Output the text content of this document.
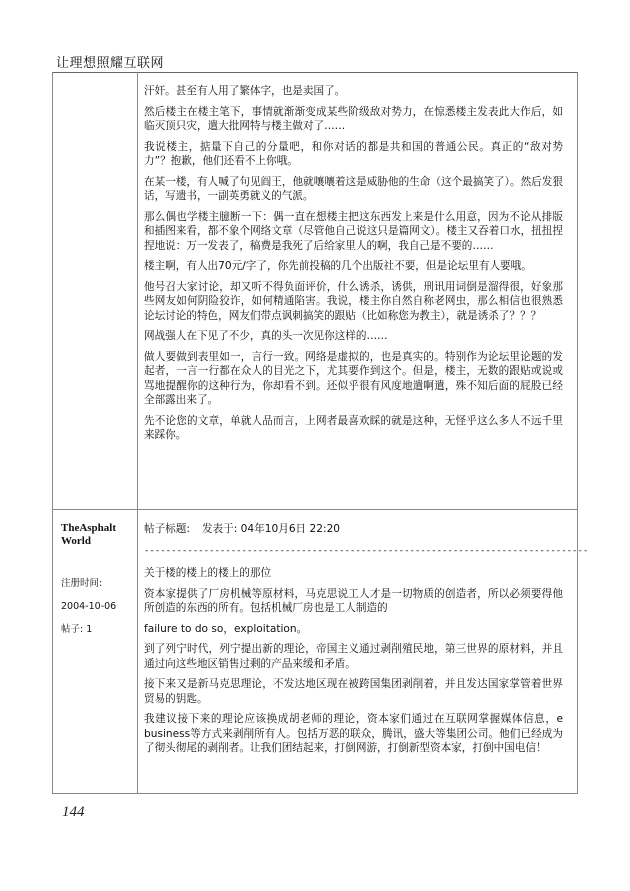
让理想照耀互联网

汗奸。甚至有人用了繁体字，也是卖国了。

然后楼主在楼主笔下，事情就渐渐变成某些阶级敌对势力，在惊悉楼主发表此大作后，如临灭顶只灾，遣大批网特与楼主做对了……

我说楼主，掂量下自己的分量吧，和你对话的都是共和国的普通公民。真正的“敌对势力”？抱歉，他们还看不上你哦。

在某一楼，有人喊了句见阎王，他就嚷嚷着这是威胁他的生命（这个最搞笑了）。然后发狠话，写遗书，一副英勇就义的气派。

那么偶也学楼主臆断一下：偶一直在想楼主把这东西发上来是什么用意，因为不论从排版和插图来看，都不象个网络文章（尽管他自己说这只是篇网文）。楼主又吞着口水，扭扭捏捏地说：万一发表了，稿费是我死了后给家里人的啊，我自己是不要的……

楼主啊，有人出70元/字了，你先前投稿的几个出版社不要，但是论坛里有人要哦。

他号召大家讨论，却又听不得负面评价，什么诱杀，诱供，刑讯用词倒是溜得很，好象那些网友如何阴险狡诈，如何精通陷害。我说，楼主你自然自称老网虫，那么相信也很熟悉论坛讨论的特色，网友们带点讽刺搞笑的跟贴（比如称您为教主），就是诱杀了？？？

网战强人在下见了不少，真的头一次见你这样的……

做人要做到表里如一，言行一致。网络是虚拟的，也是真实的。特别作为论坛里论题的发起者，一言一行都在众人的目光之下，尤其要作到这个。但是，楼主，无数的跟贴或说或骂地提醒你的这种行为，你却看不到。还似乎很有风度地遣啊遣，殊不知后面的屁股已经全部露出来了。

先不论您的文章，单就人品而言，上网者最喜欢睬的就是这种，无怪乎这么多人不远千里来踩你。

TheAsphalt World

注册时间:

2004-10-06

帖子: 1

帖子标题: 发表于: 04年10月6日 22:20
----------------------------------------------------------------------------------

关于楼的楼上的楼上的那位

资本家提供了厂房机械等原材料，马克思说工人才是一切物质的创造者，所以必须要得他所创造的东西的所有。包括机械厂房也是工人制造的

failure to do so，exploitation。

到了列宁时代，列宁提出新的理论，帝国主义通过剥削殖民地，第三世界的原材料，并且通过向这些地区销售过剩的产品来缓和矛盾。

接下来又是新马克思理论，不发达地区现在被跨国集团剥削着，并且发达国家掌管着世界贸易的钥匙。

我建议接下来的理论应该换成胡老师的理论，资本家们通过在互联网掌握媒体信息，e business等方式来剥削所有人。包括万恶的联众，腾讯，盛大等集团公司。他们已经成为了彻头彻尾的剥削者。让我们团结起来，打倒网游，打倒新型资本家，打倒中国电信！

144
